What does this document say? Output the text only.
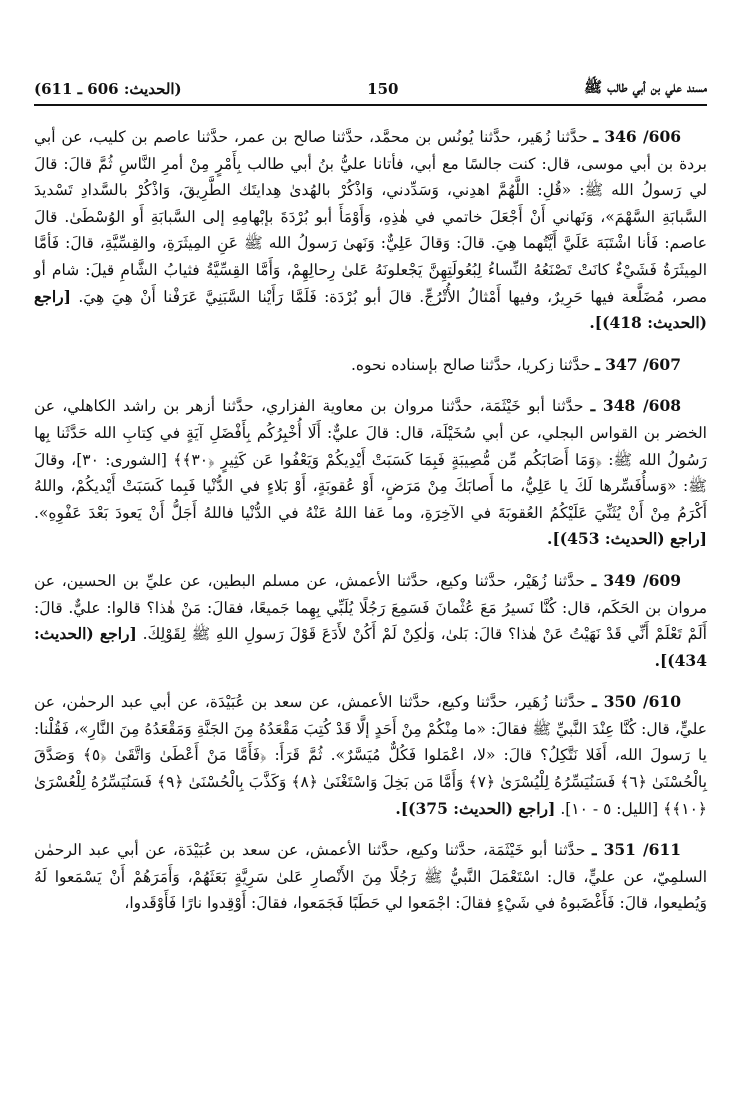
مسند علي بن أبي طالب ﷺ
150
(الحديث: 606 ـ 611)

606/ 346 ـ حدَّثنا زُهَير، حدَّثنا يُونُس بن محمَّد، حدَّثنا صالح بن عمر، حدَّثنا عاصم بن كليب، عن أبي بردة بن أبي موسى، قال: كنت جالسًا مع أبي، فأتانا عليُّ بنُ أبي طالب بِأَمْرٍ مِنْ أمرِ النَّاسِ ثُمَّ قالَ: قالَ لي رَسولُ الله ﷺ: «قُلِ: اللَّهُمَّ اهدِني، وَسَدِّدني، وَاذْكُرْ بالهُدىٰ هِدايتَك الطَّرِيقَ، وَاذْكُرْ بالسَّدادِ تَسْديدَ السَّبابَةِ السَّهْمَ»، وَنَهاني أَنْ أَجْعَلَ خاتمي في هٰذِهِ، وَأَوْمَأَ أبو بُرْدَةَ بإبْهامِهِ إلى السَّبابَةِ أَو الوُسْطَىٰ. قالَ عاصم: فَأنا اشْتَبَهَ عَلَيَّ أَيَّتُهما هِيَ. قالَ: وَقالَ عَلِيٌّ: وَنَهىٰ رَسولُ الله ﷺ عَنِ المِيثَرَةِ، والقِسِّيَّةِ، قالَ: فَأمَّا المِيثَرَةُ فَشَيْءٌ كانَتْ تَصْنَعُهُ النِّساءُ لِبُعُولَتِهِنَّ يَجْعلونَهُ عَلىٰ رِحالِهِمْ، وَأَمَّا القِسِّيَّةُ فثيابُ الشَّامِ قيلَ: شام أو مصر، مُضَلَّعة فيها حَرِيرٌ، وفيها أَمْثالُ الأُتْرُجِّ. قالَ أبو بُرْدَة: فَلَمَّا رَأَيْنا السَّبَنِيَّ عَرَفْنا أَنْ هِيَ هِيَ. [راجع (الحديث: 418)].

607/ 347 ـ حدَّثنا زكريا، حدَّثنا صالح بإسناده نحوه.

608/ 348 ـ حدَّثنا أبو خَيْثَمَة، حدَّثنا مروان بن معاوية الفزاري، حدَّثنا أزهر بن راشد الكاهلي، عن الخضر بن القواس البجلي، عن أبي سُخَيْلَة، قال: قالَ عليٌّ: أَلَا أُخْبِرُكُم بِأَفْضَلِ آيَةٍ في كِتابِ الله حَدَّثَنا بِها رَسُولُ الله ﷺ: ﴿وَمَا أَصَابَكُم مِّن مُّصِيبَةٍ فَبِمَا كَسَبَتْ أَيْدِيكُمْ وَيَعْفُوا عَن كَثِيرٍ ﴿٣٠﴾﴾ [الشورى: ٣٠]، وقالَ ﷺ: «وَسأُفَسِّرها لَكَ يا عَلِيُّ، ما أَصابَكَ مِنْ مَرَضٍ، أَوْ عُقوبَةٍ، أَوْ بَلاءٍ في الدُّنْيا فَبِما كَسَبَتْ أَيْديكُمْ، واللهُ أَكْرَمُ مِنْ أَنْ يُثَنِّيَ عَلَيْكُمُ العُقوبَةَ في الآخِرَةِ، وما عَفا اللهُ عَنْهُ في الدُّنْيا فاللهُ أَجَلُّ أَنْ يَعودَ بَعْدَ عَفْوِهِ». [راجع (الحديث: 453)].

609/ 349 ـ حدَّثنا زُهَيْر، حدَّثنا وكيع، حدَّثنا الأعمش، عن مسلم البطين، عن عليِّ بن الحسين، عن مروان بن الحَكَم، قال: كُنَّا نَسيرُ مَعَ عُثْمانَ فَسَمِعَ رَجُلًا يُلَبِّي بِهِما جَميعًا، فقالَ: مَنْ هٰذا؟ قالوا: عليٌّ. قالَ: أَلَمْ تَعْلَمْ أَنِّي قَدْ نَهَيْتُ عَنْ هٰذا؟ قالَ: بَلىٰ، وَلٰكِنْ لَمْ أَكُنْ لأَدَعَ قَوْلَ رَسولِ اللهِ ﷺ لِقَوْلِكَ. [راجع (الحديث: 434)].

610/ 350 ـ حدَّثنا زُهَير، حدَّثنا وكيع، حدَّثنا الأعمش، عن سعد بن عُبَيْدَة، عن أبي عبد الرحمٰن، عن عليٍّ، قال: كُنَّا عِنْدَ النَّبيِّ ﷺ فقالَ: «ما مِنْكُمْ مِنْ أَحَدٍ إلَّا قَدْ كُتِبَ مَقْعَدُهُ مِنَ الجَنَّةِ وَمَقْعَدُهُ مِنَ النَّارِ»، فَقُلْنا: يا رَسولَ الله، أَفَلا نَتَّكِلُ؟ قالَ: «لا، اعْمَلوا فَكُلٌّ مُيَسَّرٌ». ثُمَّ قَرَأَ: ﴿فَأَمَّا مَنْ أَعْطَىٰ وَاتَّقَىٰ ﴿٥﴾ وَصَدَّقَ بِالْحُسْنَىٰ ﴿٦﴾ فَسَنُيَسِّرُهُ لِلْيُسْرَىٰ ﴿٧﴾ وَأَمَّا مَن بَخِلَ وَاسْتَغْنَىٰ ﴿٨﴾ وَكَذَّبَ بِالْحُسْنَىٰ ﴿٩﴾ فَسَنُيَسِّرُهُ لِلْعُسْرَىٰ ﴿١٠﴾﴾ [الليل: ٥ - ١٠]. [راجع (الحديث: 375)].

611/ 351 ـ حدَّثنا أبو خَيْثَمَة، حدَّثنا وكيع، حدَّثنا الأعمش، عن سعد بن عُبَيْدَة، عن أبي عبد الرحمٰن السلمِيّ، عن عليٍّ، قال: اسْتَعْمَلَ النَّبيُّ ﷺ رَجُلًا مِنَ الأَنْصارِ عَلىٰ سَرِيَّةٍ بَعَثَهُمْ، وَأَمَرَهُمْ أَنْ يَسْمَعوا لَهُ وَيُطيعوا، قالَ: فَأَغْضَبوهُ في شَيْءٍ فقالَ: اجْمَعوا لي حَطَبًا فَجَمَعوا، فقالَ: أَوْقِدوا نارًا فَأَوْقَدوا،
